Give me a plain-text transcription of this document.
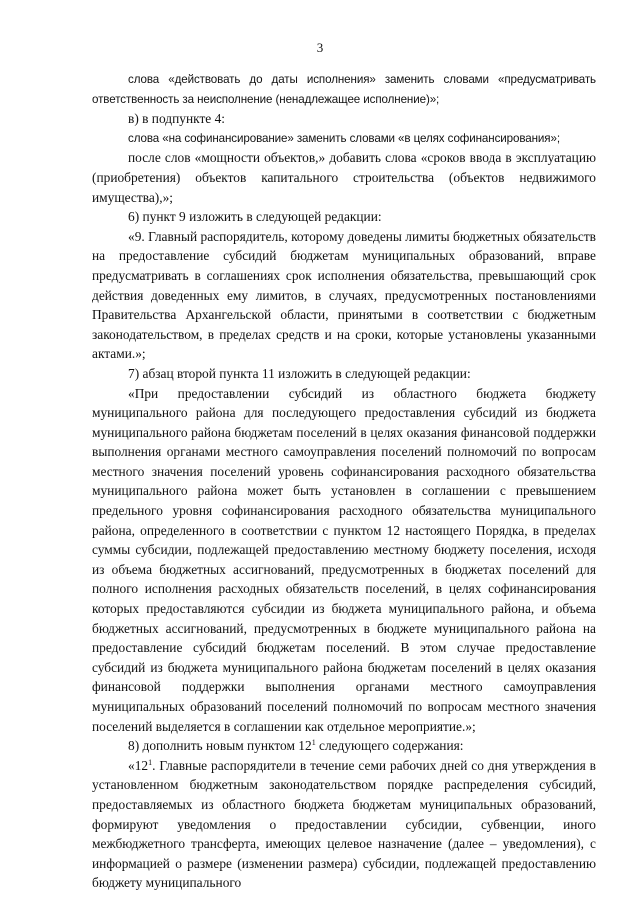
3

слова «действовать до даты исполнения» заменить словами «предусматривать ответственность за неисполнение (ненадлежащее исполнение)»;

в) в подпункте 4:

слова «на софинансирование» заменить словами «в целях софинансирования»;

после слов «мощности объектов,» добавить слова «сроков ввода в эксплуатацию (приобретения) объектов капитального строительства (объектов недвижимого имущества),»;

6) пункт 9 изложить в следующей редакции:

«9. Главный распорядитель, которому доведены лимиты бюджетных обязательств на предоставление субсидий бюджетам муниципальных образований, вправе предусматривать в соглашениях срок исполнения обязательства, превышающий срок действия доведенных ему лимитов, в случаях, предусмотренных постановлениями Правительства Архангельской области, принятыми в соответствии с бюджетным законодательством, в пределах средств и на сроки, которые установлены указанными актами.»;

7) абзац второй пункта 11 изложить в следующей редакции:

«При предоставлении субсидий из областного бюджета бюджету муниципального района для последующего предоставления субсидий из бюджета муниципального района бюджетам поселений в целях оказания финансовой поддержки выполнения органами местного самоуправления поселений полномочий по вопросам местного значения поселений уровень софинансирования расходного обязательства муниципального района может быть установлен в соглашении с превышением предельного уровня софинансирования расходного обязательства муниципального района, определенного в соответствии с пунктом 12 настоящего Порядка, в пределах суммы субсидии, подлежащей предоставлению местному бюджету поселения, исходя из объема бюджетных ассигнований, предусмотренных в бюджетах поселений для полного исполнения расходных обязательств поселений, в целях софинансирования которых предоставляются субсидии из бюджета муниципального района, и объема бюджетных ассигнований, предусмотренных в бюджете муниципального района на предоставление субсидий бюджетам поселений. В этом случае предоставление субсидий из бюджета муниципального района бюджетам поселений в целях оказания финансовой поддержки выполнения органами местного самоуправления муниципальных образований поселений полномочий по вопросам местного значения поселений выделяется в соглашении как отдельное мероприятие.»;

8) дополнить новым пунктом $12^1$ следующего содержания:

«$12^1$. Главные распорядители в течение семи рабочих дней со дня утверждения в установленном бюджетным законодательством порядке распределения субсидий, предоставляемых из областного бюджета бюджетам муниципальных образований, формируют уведомления о предоставлении субсидии, субвенции, иного межбюджетного трансферта, имеющих целевое назначение (далее – уведомления), с информацией о размере (изменении размера) субсидии, подлежащей предоставлению бюджету муниципального
